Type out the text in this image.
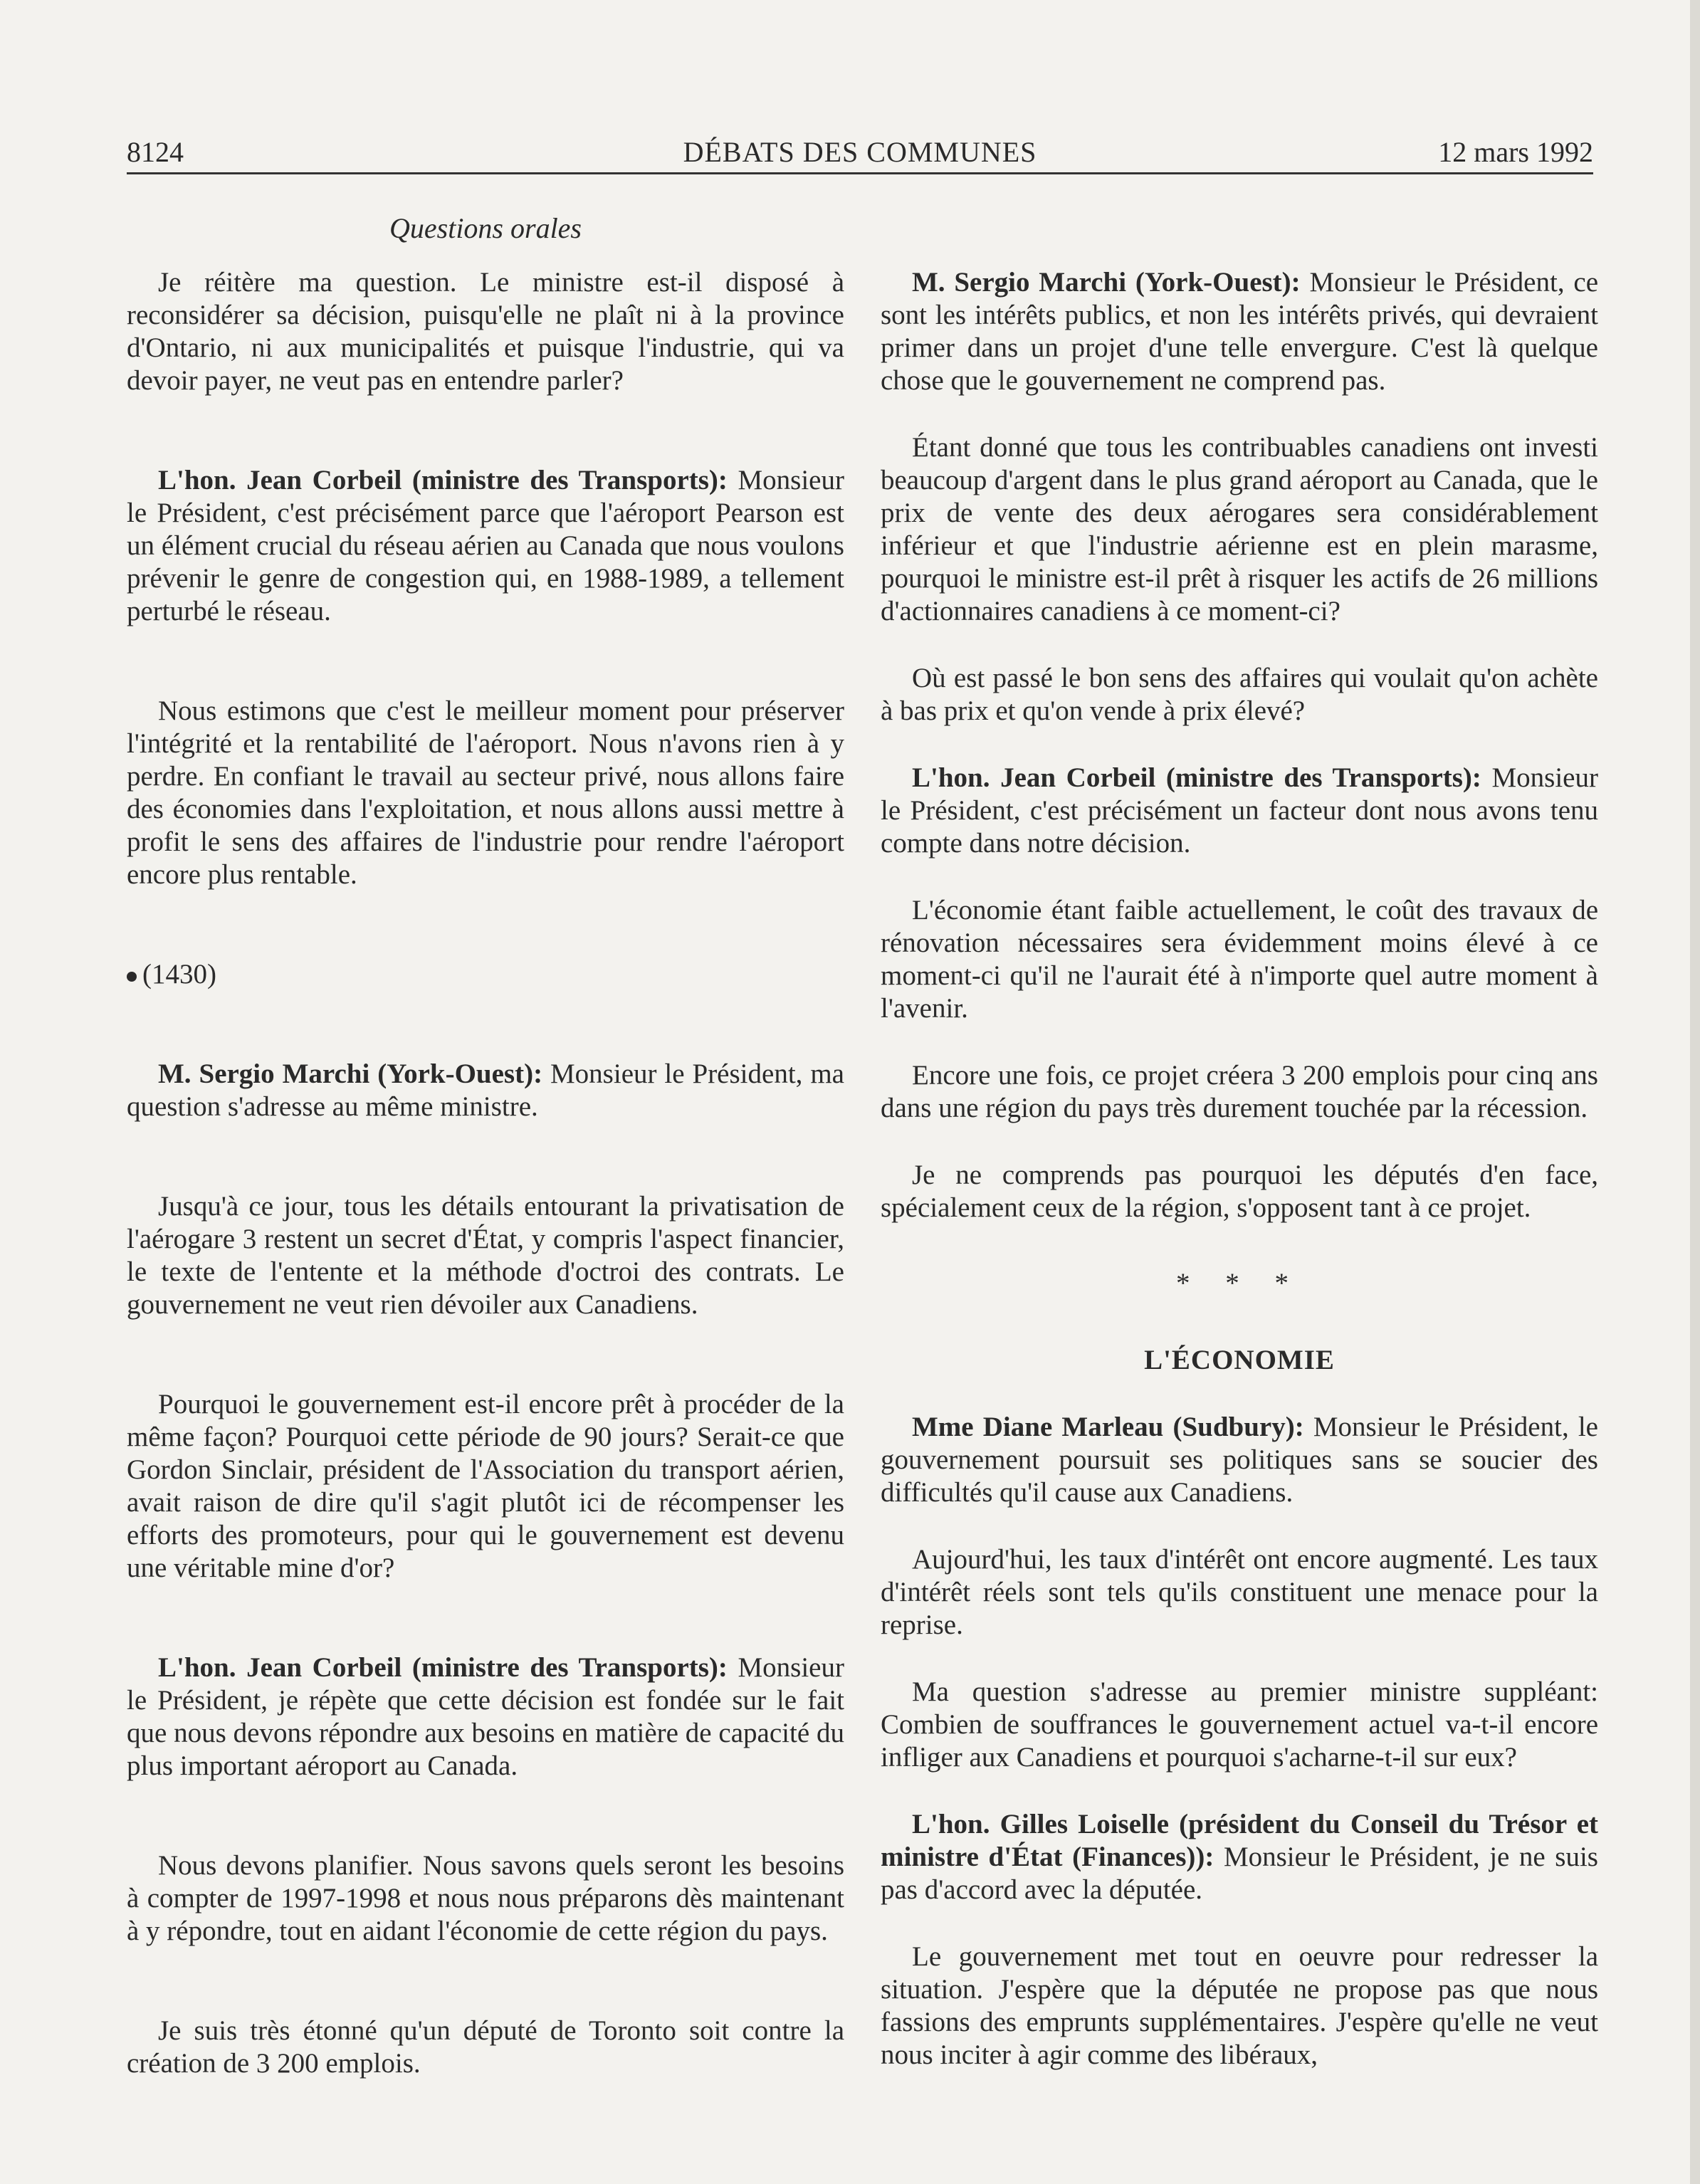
DÉBATS DES COMMUNES
8124	12 mars 1992
Questions orales

Je réitère ma question. Le ministre est-il disposé à reconsidérer sa décision, puisqu'elle ne plaît ni à la province d'Ontario, ni aux municipalités et puisque l'industrie, qui va devoir payer, ne veut pas en entendre parler?

L'hon. Jean Corbeil (ministre des Transports): Monsieur le Président, c'est précisément parce que l'aéroport Pearson est un élément crucial du réseau aérien au Canada que nous voulons prévenir le genre de congestion qui, en 1988-1989, a tellement perturbé le réseau.

Nous estimons que c'est le meilleur moment pour préserver l'intégrité et la rentabilité de l'aéroport. Nous n'avons rien à y perdre. En confiant le travail au secteur privé, nous allons faire des économies dans l'exploitation, et nous allons aussi mettre à profit le sens des affaires de l'industrie pour rendre l'aéroport encore plus rentable.

(1430)

M. Sergio Marchi (York-Ouest): Monsieur le Président, ma question s'adresse au même ministre.

Jusqu'à ce jour, tous les détails entourant la privatisation de l'aérogare 3 restent un secret d'État, y compris l'aspect financier, le texte de l'entente et la méthode d'octroi des contrats. Le gouvernement ne veut rien dévoiler aux Canadiens.

Pourquoi le gouvernement est-il encore prêt à procéder de la même façon? Pourquoi cette période de 90 jours? Serait-ce que Gordon Sinclair, président de l'Association du transport aérien, avait raison de dire qu'il s'agit plutôt ici de récompenser les efforts des promoteurs, pour qui le gouvernement est devenu une véritable mine d'or?

L'hon. Jean Corbeil (ministre des Transports): Monsieur le Président, je répète que cette décision est fondée sur le fait que nous devons répondre aux besoins en matière de capacité du plus important aéroport au Canada.

Nous devons planifier. Nous savons quels seront les besoins à compter de 1997-1998 et nous nous préparons dès maintenant à y répondre, tout en aidant l'économie de cette région du pays.

Je suis très étonné qu'un député de Toronto soit contre la création de 3 200 emplois.

M. Sergio Marchi (York-Ouest): Monsieur le Président, ce sont les intérêts publics, et non les intérêts privés, qui devraient primer dans un projet d'une telle envergure. C'est là quelque chose que le gouvernement ne comprend pas.

Étant donné que tous les contribuables canadiens ont investi beaucoup d'argent dans le plus grand aéroport au Canada, que le prix de vente des deux aérogares sera considérablement inférieur et que l'industrie aérienne est en plein marasme, pourquoi le ministre est-il prêt à risquer les actifs de 26 millions d'actionnaires canadiens à ce moment-ci?

Où est passé le bon sens des affaires qui voulait qu'on achète à bas prix et qu'on vende à prix élevé?

L'hon. Jean Corbeil (ministre des Transports): Monsieur le Président, c'est précisément un facteur dont nous avons tenu compte dans notre décision.

L'économie étant faible actuellement, le coût des travaux de rénovation nécessaires sera évidemment moins élevé à ce moment-ci qu'il ne l'aurait été à n'importe quel autre moment à l'avenir.

Encore une fois, ce projet créera 3 200 emplois pour cinq ans dans une région du pays très durement touchée par la récession.

Je ne comprends pas pourquoi les députés d'en face, spécialement ceux de la région, s'opposent tant à ce projet.

* * *

L'ÉCONOMIE

Mme Diane Marleau (Sudbury): Monsieur le Président, le gouvernement poursuit ses politiques sans se soucier des difficultés qu'il cause aux Canadiens.

Aujourd'hui, les taux d'intérêt ont encore augmenté. Les taux d'intérêt réels sont tels qu'ils constituent une menace pour la reprise.

Ma question s'adresse au premier ministre suppléant: Combien de souffrances le gouvernement actuel va-t-il encore infliger aux Canadiens et pourquoi s'acharne-t-il sur eux?

L'hon. Gilles Loiselle (président du Conseil du Trésor et ministre d'État (Finances)): Monsieur le Président, je ne suis pas d'accord avec la députée.

Le gouvernement met tout en oeuvre pour redresser la situation. J'espère que la députée ne propose pas que nous fassions des emprunts supplémentaires. J'espère qu'elle ne veut nous inciter à agir comme des libéraux,
